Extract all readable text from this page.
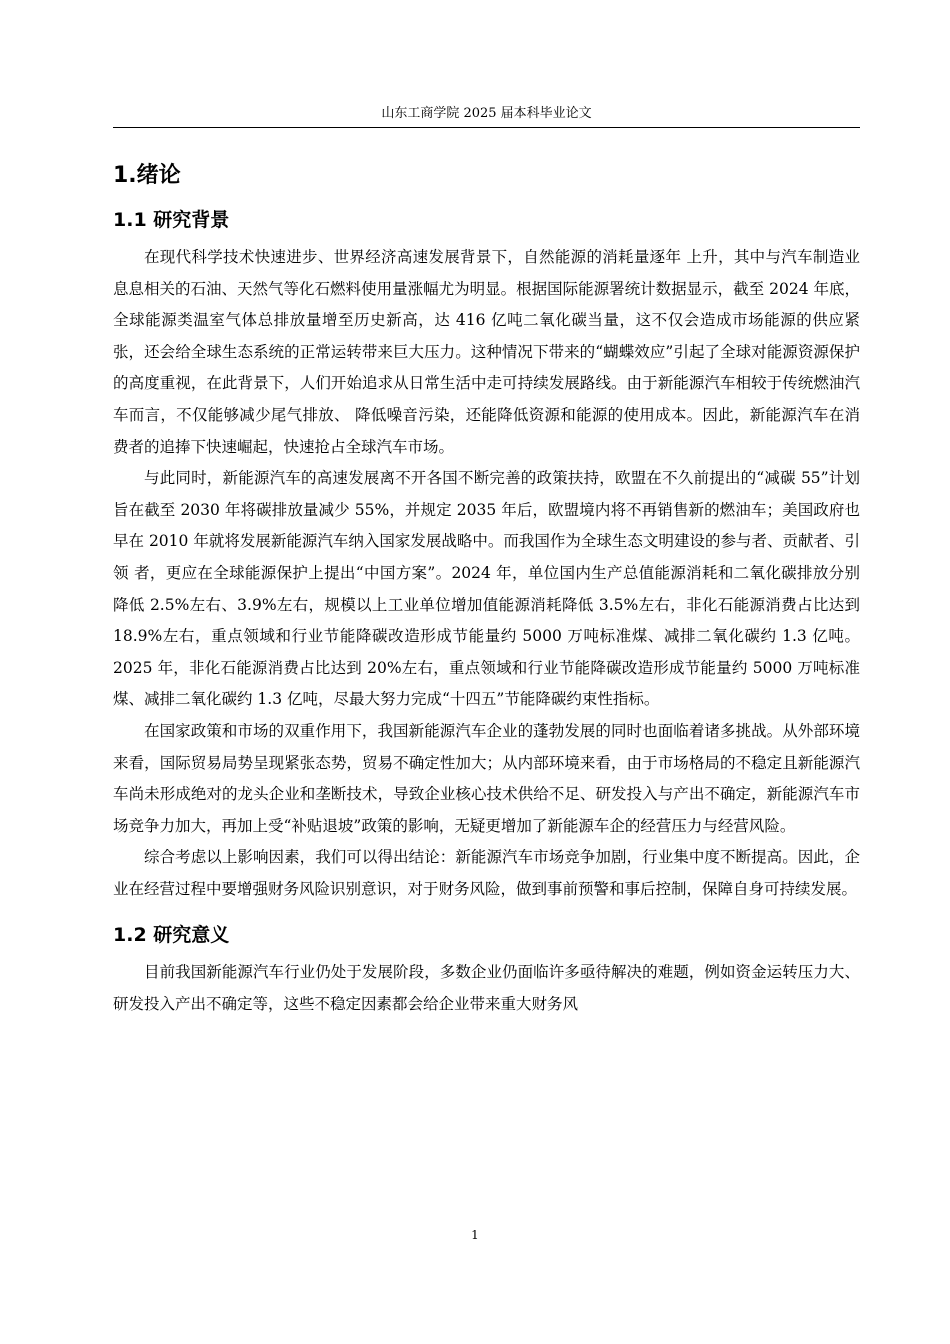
山东工商学院 2025 届本科毕业论文
1.绪论
1.1 研究背景

在现代科学技术快速进步、世界经济高速发展背景下，自然能源的消耗量逐年 上升，其中与汽车制造业息息相关的石油、天然气等化石燃料使用量涨幅尤为明显。根据国际能源署统计数据显示，截至 2024 年底，全球能源类温室气体总排放量增至历史新高，达 416 亿吨二氧化碳当量，这不仅会造成市场能源的供应紧张，还会给全球生态系统的正常运转带来巨大压力。这种情况下带来的“蝴蝶效应”引起了全球对能源资源保护的高度重视，在此背景下，人们开始追求从日常生活中走可持续发展路线。由于新能源汽车相较于传统燃油汽车而言，不仅能够减少尾气排放、 降低噪音污染，还能降低资源和能源的使用成本。因此，新能源汽车在消费者的追捧下快速崛起，快速抢占全球汽车市场。

与此同时，新能源汽车的高速发展离不开各国不断完善的政策扶持，欧盟在不久前提出的“减碳 55”计划旨在截至 2030 年将碳排放量减少 55%，并规定 2035 年后，欧盟境内将不再销售新的燃油车；美国政府也早在 2010 年就将发展新能源汽车纳入国家发展战略中。而我国作为全球生态文明建设的参与者、贡献者、引领 者，更应在全球能源保护上提出“中国方案”。2024 年，单位国内生产总值能源消耗和二氧化碳排放分别降低 2.5%左右、3.9%左右，规模以上工业单位增加值能源消耗降低 3.5%左右，非化石能源消费占比达到 18.9%左右，重点领域和行业节能降碳改造形成节能量约 5000 万吨标准煤、减排二氧化碳约 1.3 亿吨。2025 年，非化石能源消费占比达到 20%左右，重点领域和行业节能降碳改造形成节能量约 5000 万吨标准煤、减排二氧化碳约 1.3 亿吨，尽最大努力完成“十四五”节能降碳约束性指标。

在国家政策和市场的双重作用下，我国新能源汽车企业的蓬勃发展的同时也面临着诸多挑战。从外部环境来看，国际贸易局势呈现紧张态势，贸易不确定性加大；从内部环境来看，由于市场格局的不稳定且新能源汽车尚未形成绝对的龙头企业和垄断技术，导致企业核心技术供给不足、研发投入与产出不确定，新能源汽车市场竞争力加大，再加上受“补贴退坡”政策的影响，无疑更增加了新能源车企的经营压力与经营风险。

综合考虑以上影响因素，我们可以得出结论：新能源汽车市场竞争加剧，行业集中度不断提高。因此，企业在经营过程中要增强财务风险识别意识，对于财务风险，做到事前预警和事后控制，保障自身可持续发展。

1.2 研究意义

目前我国新能源汽车行业仍处于发展阶段，多数企业仍面临许多亟待解决的难题，例如资金运转压力大、研发投入产出不确定等，这些不稳定因素都会给企业带来重大财务风

1
